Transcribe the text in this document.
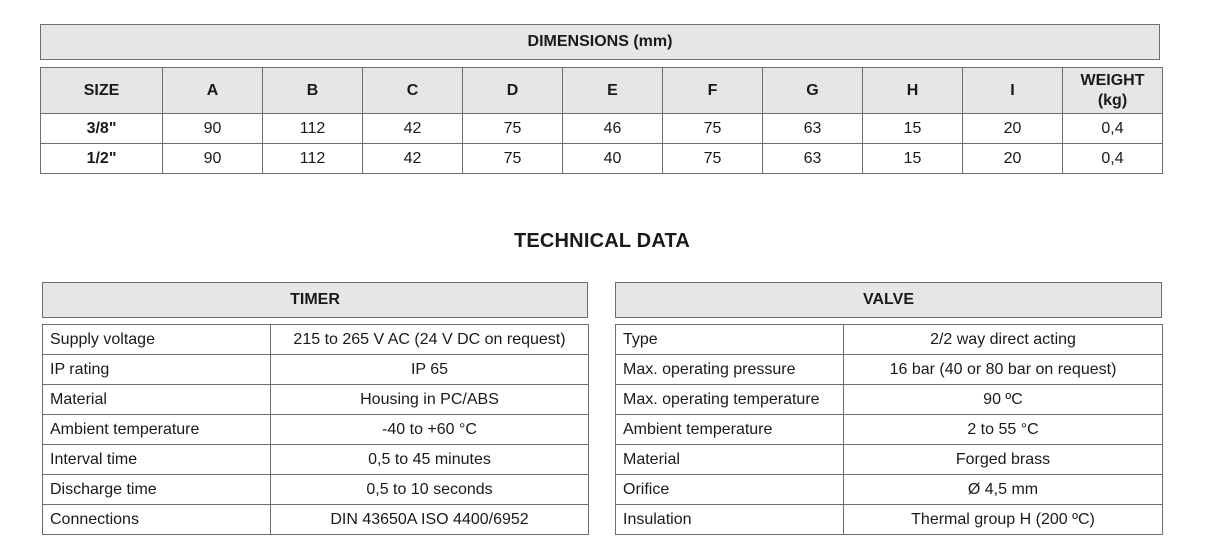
DIMENSIONS (mm)
SIZE	A	B	C	D	E	F	G	H	I	WEIGHT
(kg)
3/8"	90	112	42	75	46	75	63	15	20	0,4
1/2"	90	112	42	75	40	75	63	15	20	0,4
TECHNICAL DATA
TIMER
Supply voltage	215 to 265 V AC (24 V DC on request)
IP rating	IP 65
Material	Housing in PC/ABS
Ambient temperature	-40 to +60 °C
Interval time	0,5 to 45 minutes
Discharge time	0,5 to 10 seconds
Connections	DIN 43650A ISO 4400/6952
VALVE
Type	2/2 way direct acting
Max. operating pressure	16 bar (40 or 80 bar on request)
Max. operating temperature	90 ºC
Ambient temperature	2 to 55 °C
Material	Forged brass
Orifice	Ø 4,5 mm
Insulation	Thermal group H (200 ºC)
